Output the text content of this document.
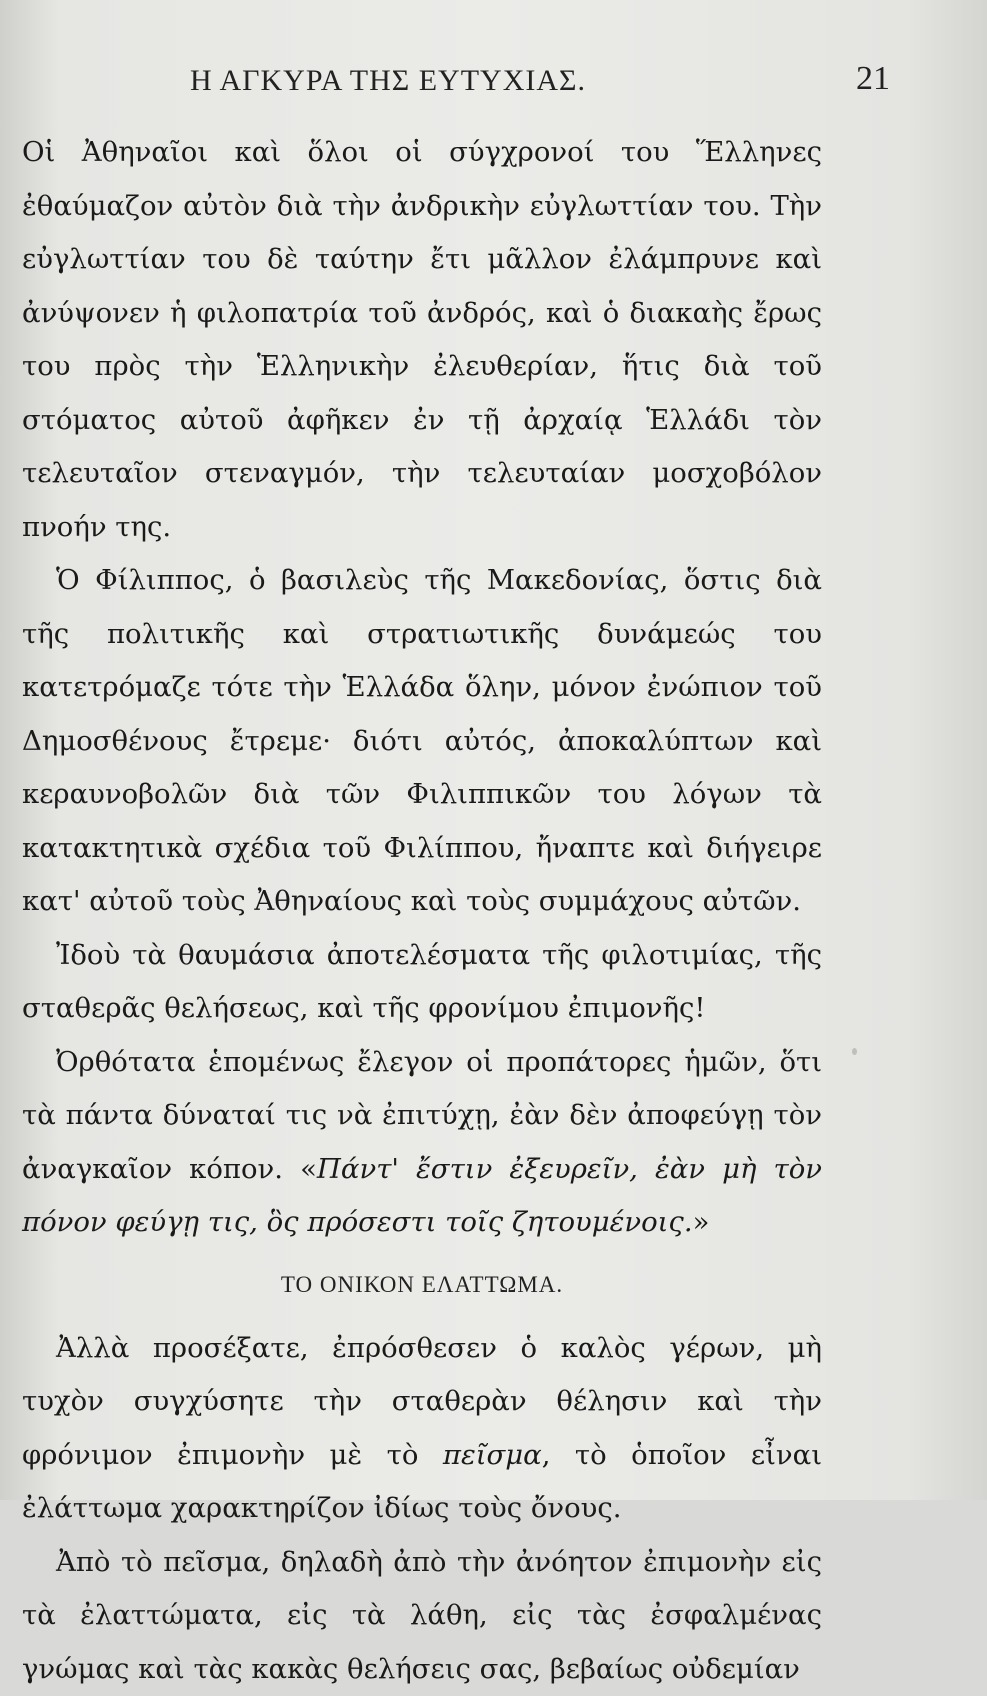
Η ΑΓΚΥΡΑ ΤΗΣ ΕΥΤΥΧΙΑΣ.	21

Οἱ Ἀθηναῖοι καὶ ὅλοι οἱ σύγχρονοί του Ἕλληνες ἐθαύμαζον αὐτὸν διὰ τὴν ἀνδρικὴν εὐγλωττίαν του. Τὴν εὐγλωττίαν του δὲ ταύτην ἔτι μᾶλλον ἐλάμπρυνε καὶ ἀνύψονεν ἡ φιλοπατρία τοῦ ἀνδρός, καὶ ὁ διακαὴς ἔρως του πρὸς τὴν Ἑλληνικὴν ἐλευθερίαν, ἥτις διὰ τοῦ στόματος αὐτοῦ ἀφῆκεν ἐν τῇ ἀρχαίᾳ Ἑλλάδι τὸν τελευταῖον στεναγμόν, τὴν τελευταίαν μοσχοβόλον πνοήν της.

Ὁ Φίλιππος, ὁ βασιλεὺς τῆς Μακεδονίας, ὅστις διὰ τῆς πολιτικῆς καὶ στρατιωτικῆς δυνάμεώς του κατετρόμαζε τότε τὴν Ἑλλάδα ὅλην, μόνον ἐνώπιον τοῦ Δημοσθένους ἔτρεμε· διότι αὐτός, ἀποκαλύπτων καὶ κεραυνοβολῶν διὰ τῶν Φιλιππικῶν του λόγων τὰ κατακτητικὰ σχέδια τοῦ Φιλίππου, ἤναπτε καὶ διήγειρε κατ' αὐτοῦ τοὺς Ἀθηναίους καὶ τοὺς συμμάχους αὐτῶν.

Ἰδοὺ τὰ θαυμάσια ἀποτελέσματα τῆς φιλοτιμίας, τῆς σταθερᾶς θελήσεως, καὶ τῆς φρονίμου ἐπιμονῆς!

Ὀρθότατα ἑπομένως ἔλεγον οἱ προπάτορες ἡμῶν, ὅτι τὰ πάντα δύναταί τις νὰ ἐπιτύχῃ, ἐὰν δὲν ἀποφεύγῃ τὸν ἀναγκαῖον κόπον. «Πάντ' ἔστιν ἐξευρεῖν, ἐὰν μὴ τὸν πόνον φεύγῃ τις, ὃς πρόσεστι τοῖς ζητουμένοις.»

ΤΟ ΟΝΙΚΟΝ ΕΛΑΤΤΩΜΑ.

Ἀλλὰ προσέξατε, ἐπρόσθεσεν ὁ καλὸς γέρων, μὴ τυχὸν συγχύσητε τὴν σταθερὰν θέλησιν καὶ τὴν φρόνιμον ἐπιμονὴν μὲ τὸ πεῖσμα, τὸ ὁποῖον εἶναι ἐλάττωμα χαρακτηρίζον ἰδίως τοὺς ὄνους.

Ἀπὸ τὸ πεῖσμα, δηλαδὴ ἀπὸ τὴν ἀνόητον ἐπιμονὴν εἰς τὰ ἐλαττώματα, εἰς τὰ λάθη, εἰς τὰς ἐσφαλμένας γνώμας καὶ τὰς κακὰς θελήσεις σας, βεβαίως οὐδεμίαν
